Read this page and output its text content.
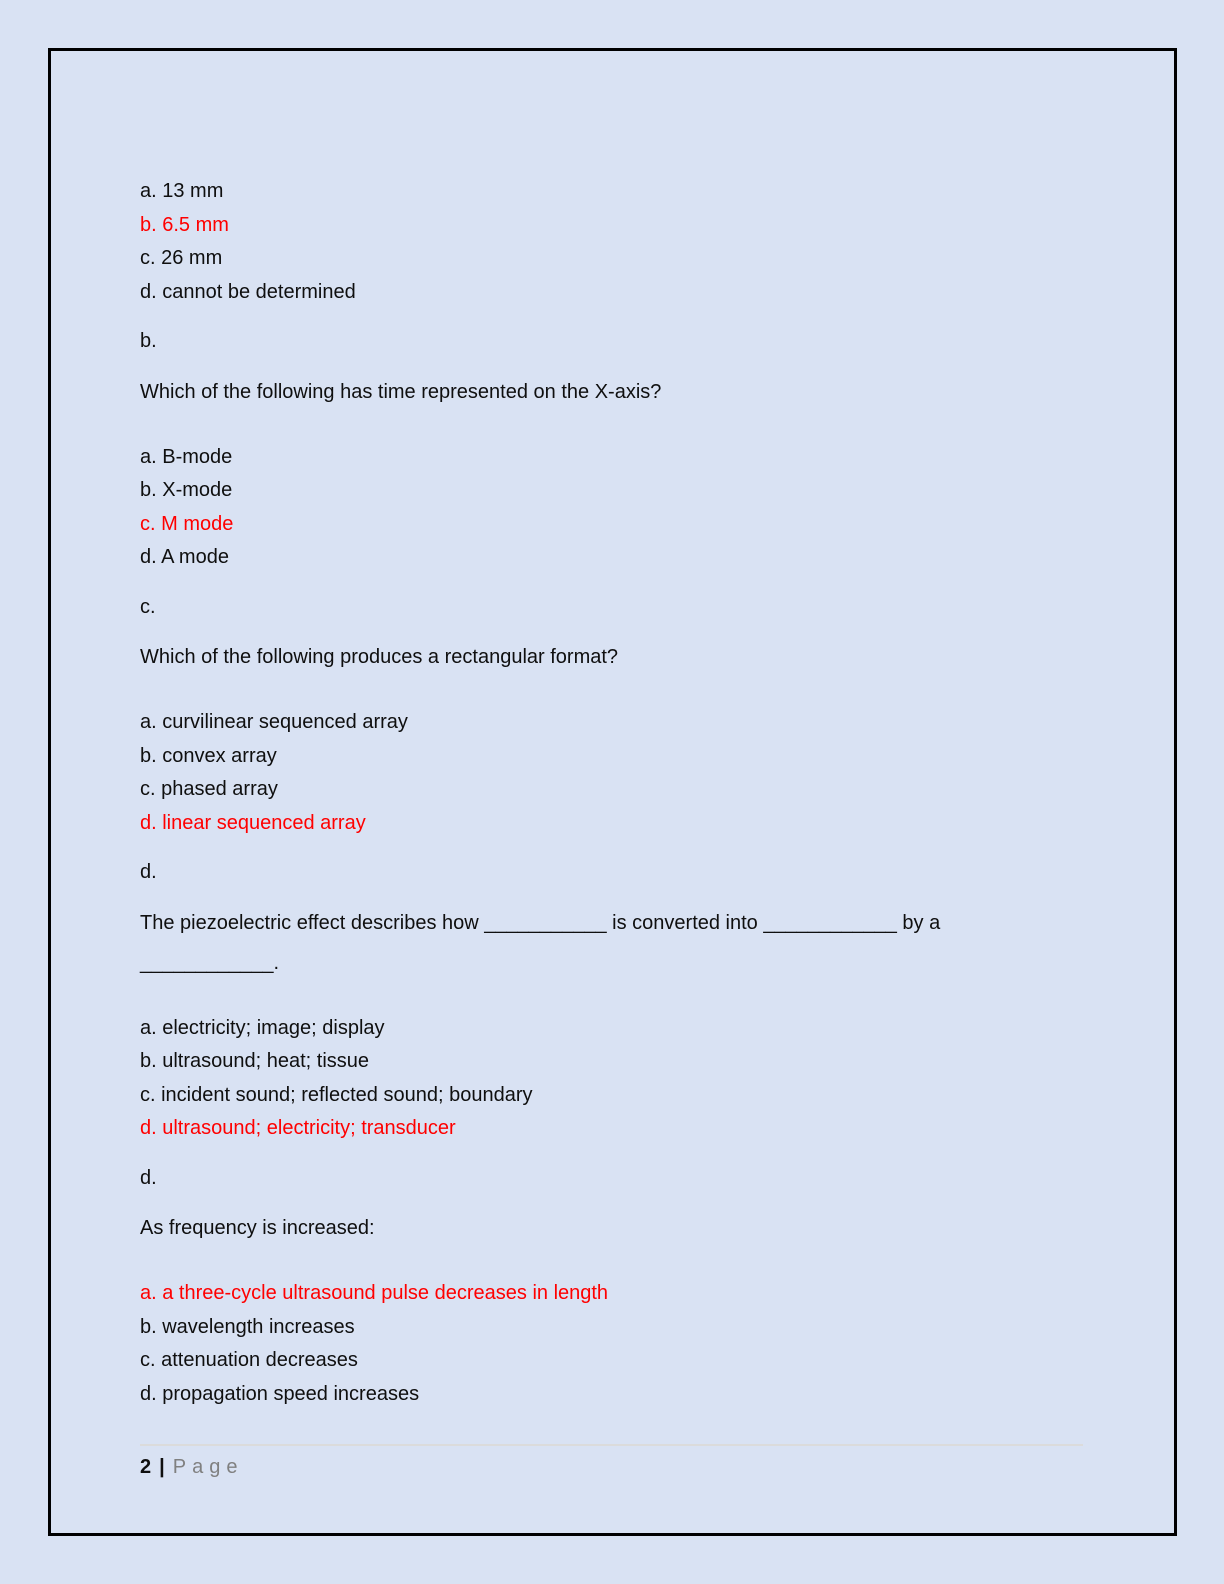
a. 13 mm
b. 6.5 mm
c. 26 mm
d. cannot be determined
b.
Which of the following has time represented on the X-axis?
a. B-mode
b. X-mode
c. M mode
d. A mode
c.
Which of the following produces a rectangular format?
a. curvilinear sequenced array
b. convex array
c. phased array
d. linear sequenced array
d.
The piezoelectric effect describes how ___________ is converted into ____________ by a
____________.
a. electricity; image; display
b. ultrasound; heat; tissue
c. incident sound; reflected sound; boundary
d. ultrasound; electricity; transducer
d.
As frequency is increased:
a. a three-cycle ultrasound pulse decreases in length
b. wavelength increases
c. attenuation decreases
d. propagation speed increases
2 | Page
